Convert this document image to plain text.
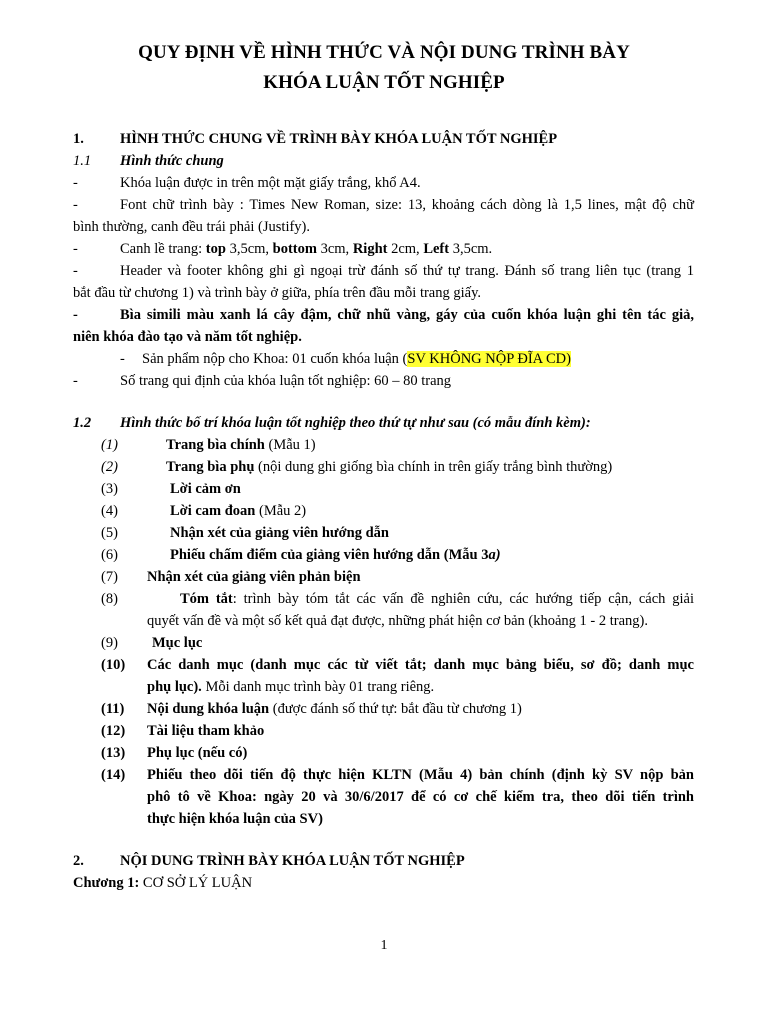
QUY ĐỊNH VỀ HÌNH THỨC VÀ NỘI DUNG TRÌNH BÀY
KHÓA LUẬN TỐT NGHIỆP
1. HÌNH THỨC CHUNG VỀ TRÌNH BÀY KHÓA LUẬN TỐT NGHIỆP
1.1 Hình thức chung
-	Khóa luận được in trên một mặt giấy trắng, khổ A4.
-	Font chữ trình bày : Times New Roman, size: 13, khoảng cách dòng là 1,5 lines, mật độ chữ
bình thường, canh đều trái phải (Justify).
-	Canh lề trang: top 3,5cm, bottom 3cm, Right 2cm, Left 3,5cm.
-	Header và footer không ghi gì ngoại trừ đánh số thứ tự trang. Đánh số trang liên tục (trang 1
bắt đầu từ chương 1) và trình bày ở giữa, phía trên đầu mỗi trang giấy.
-	Bìa simili màu xanh lá cây đậm, chữ nhũ vàng, gáy của cuốn khóa luận ghi tên tác giả,
niên khóa đào tạo và năm tốt nghiệp.
- Sản phẩm nộp cho Khoa: 01 cuốn khóa luận (SV KHÔNG NỘP ĐĨA CD)
-	Số trang qui định của khóa luận tốt nghiệp: 60 – 80 trang
1.2 Hình thức bố trí khóa luận tốt nghiệp theo thứ tự như sau (có mẫu đính kèm):
(1)	Trang bìa chính (Mẫu 1)
(2)	Trang bìa phụ (nội dung ghi giống bìa chính in trên giấy trắng bình thường)
(3)	Lời cảm ơn
(4)	Lời cam đoan (Mẫu 2)
(5)	Nhận xét của giảng viên hướng dẫn
(6)	Phiếu chấm điểm của giảng viên hướng dẫn (Mẫu 3a)
(7) Nhận xét của giảng viên phản biện
(8)	Tóm tắt: trình bày tóm tắt các vấn đề nghiên cứu, các hướng tiếp cận, cách giải
quyết vấn đề và một số kết quả đạt được, những phát hiện cơ bản (khoảng 1 - 2 trang).
(9) Mục lục
(10) Các danh mục (danh mục các từ viết tắt; danh mục bảng biểu, sơ đồ; danh mục
phụ lục). Mỗi danh mục trình bày 01 trang riêng.
(11) Nội dung khóa luận (được đánh số thứ tự: bắt đầu từ chương 1)
(12) Tài liệu tham khảo
(13) Phụ lục (nếu có)
(14) Phiếu theo dõi tiến độ thực hiện KLTN (Mẫu 4) bản chính (định kỳ SV nộp bản
phô tô về Khoa: ngày 20 và 30/6/2017 để có cơ chế kiểm tra, theo dõi tiến trình
thực hiện khóa luận của SV)
2. NỘI DUNG TRÌNH BÀY KHÓA LUẬN TỐT NGHIỆP
Chương 1: CƠ SỞ LÝ LUẬN
1
